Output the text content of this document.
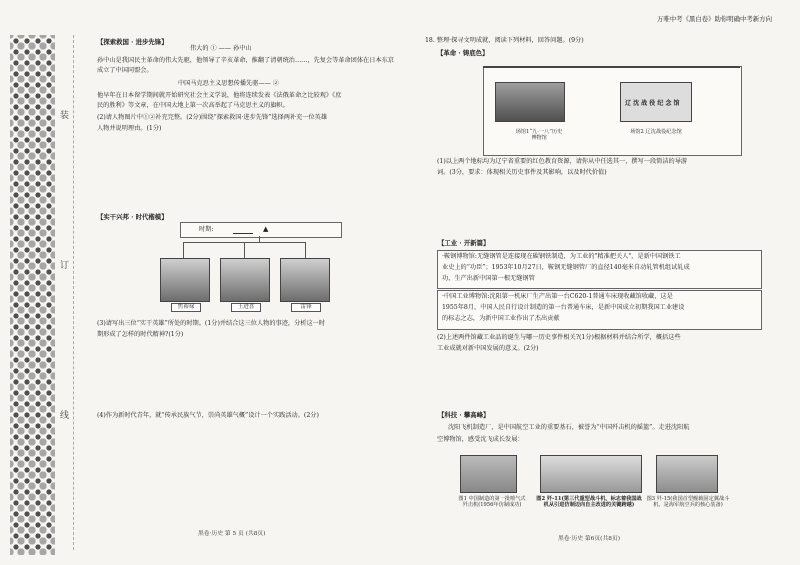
万唯中考《黑白卷》助你明确中考新方向
装
订
线
【探索救国 · 进步先锋】
伟大的 ① —— 孙中山
孙中山是我国民主革命的伟大先驱，他领导了辛亥革命，推翻了清朝统治……，先复会等革命团体在日本东京
成立了中国同盟会。
中国马克思主义思想传播先驱—— ②
他早年在日本留学期间就开始研究社会主义学说，他将连续发表《法俄革命之比较观》《庶
民的胜利》等文章，在中国大地上第一次高举起了马克思主义的旗帜。
(2)请人物图片中①②补充完整。(2分)围绕“探索救国·进步先锋”选择两补充一位英雄
人物并说明理由。(1分)
【实干兴邦 · 时代楷模】
时期:	▲
焦裕禄	王进喜	雷锋
(3)请写出三位“实干英雄”所处的时期。(1分)并结合这三位人物的事迹，分析这一时
期形成了怎样的时代精神?(1分)
(4)作为新时代青年，就“传承民族气节，崇尚英雄气概”设计一个实践活动。(2分)
黑卷·历史 第 5 页 (共8页)
18. 整理·探寻文明成就，阅读下列材料，回答问题。(9分)
【革命 · 铸底色】
辽 沈 战 役 纪 念 馆
场馆1“九·一八”历史博物馆
场馆2 辽沈战役纪念馆
(1)以上两个地标均为辽宁省重要的红色教育资源，请你从中任选其一，撰写一段简洁的导游
词。(3分，要求：体现相关历史事件及其影响，以及时代价值)
【工业 · 开新篇】
·鞍钢博物馆:无缝钢管是连接现在碳钢铁制造，为工业的"精准把关人"，是新中国钢铁工
业史上的“功臣”；1953年10月27日，鞍钢无缝钢管厂的直径140毫米自动轧管机组试轧成
功，生产出新中国第一根无缝钢管
·中国工业博物馆:沈阳第一机床厂生产出第一台C620-1普通车床现收藏馆收藏，这是
1955年8月，中国人民自行设计制造的第一台普通车床，是新中国成立初期我国工业建设
的标志之志，为新中国工业作出了杰出贡献
(2)上述两件馆藏工业品的诞生与哪一历史事件相关?(1分)根据材料并结合所学，概括这些
工业成就对新中国发展的意义。(2分)
【科技 · 攀高峰】
沈阳飞机制造厂，是中国航空工业的重要基石，被誉为“中国歼击机的摇篮”。走进沈阳航
空博物馆，感受沈飞成长发展：
图1 中国制造的第一批喷气式歼击机(1956年仿制成功)
图2 歼-11(第三代重型战斗机，标志着我国战机从引进仿制迈向自主改进的关键跨越)
图3 歼-15(我国首型舰载固定翼战斗机，是海军航空兵的核心装备)
黑卷·历史 第6页(共8页)
